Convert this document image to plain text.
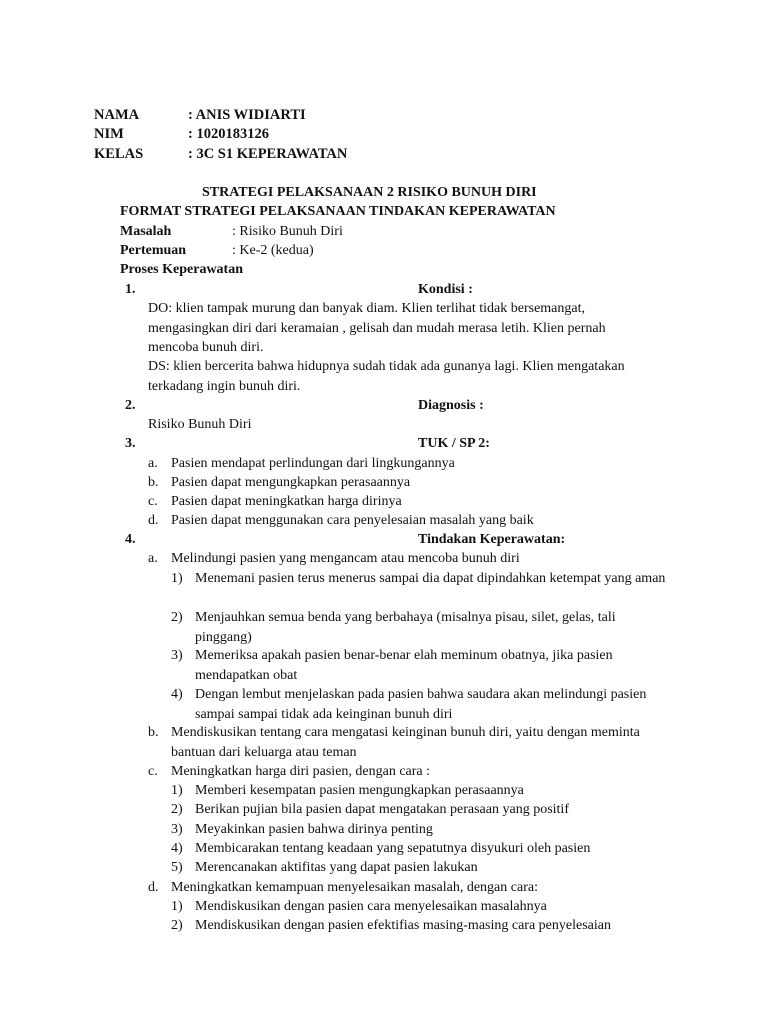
NAMA	: ANIS WIDIARTI
NIM	: 1020183126
KELAS	: 3C S1 KEPERAWATAN
STRATEGI PELAKSANAAN 2 RISIKO BUNUH DIRI
FORMAT STRATEGI PELAKSANAAN TINDAKAN KEPERAWATAN
Masalah	: Risiko Bunuh Diri
Pertemuan	: Ke-2 (kedua)
Proses Keperawatan
1.	Kondisi :
DO: klien tampak murung dan banyak diam. Klien terlihat tidak bersemangat, mengasingkan diri dari keramaian , gelisah dan mudah merasa letih. Klien pernah mencoba bunuh diri.
DS: klien bercerita bahwa hidupnya sudah tidak ada gunanya lagi. Klien mengatakan terkadang ingin bunuh diri.
2.	Diagnosis :
Risiko Bunuh Diri
3.	TUK / SP 2:
a. Pasien mendapat perlindungan dari lingkungannya
b. Pasien dapat mengungkapkan perasaannya
c. Pasien dapat meningkatkan harga dirinya
d. Pasien dapat menggunakan cara penyelesaian masalah yang baik
4.	Tindakan Keperawatan:
a. Melindungi pasien yang mengancam atau mencoba bunuh diri
1) Menemani pasien terus menerus sampai dia dapat dipindahkan ketempat yang aman
2) Menjauhkan semua benda yang berbahaya (misalnya pisau, silet, gelas, tali pinggang)
3) Memeriksa apakah pasien benar-benar elah meminum obatnya, jika pasien mendapatkan obat
4) Dengan lembut menjelaskan pada pasien bahwa saudara akan melindungi pasien sampai sampai tidak ada keinginan bunuh diri
b. Mendiskusikan tentang cara mengatasi keinginan bunuh diri, yaitu dengan meminta bantuan dari keluarga atau teman
c. Meningkatkan harga diri pasien, dengan cara :
1) Memberi kesempatan pasien mengungkapkan perasaannya
2) Berikan pujian bila pasien dapat mengatakan perasaan yang positif
3) Meyakinkan pasien bahwa dirinya penting
4) Membicarakan tentang keadaan yang sepatutnya disyukuri oleh pasien
5) Merencanakan aktifitas yang dapat pasien lakukan
d. Meningkatkan kemampuan menyelesaikan masalah, dengan cara:
1) Mendiskusikan dengan pasien cara menyelesaikan masalahnya
2) Mendiskusikan dengan pasien efektifias masing-masing cara penyelesaian
